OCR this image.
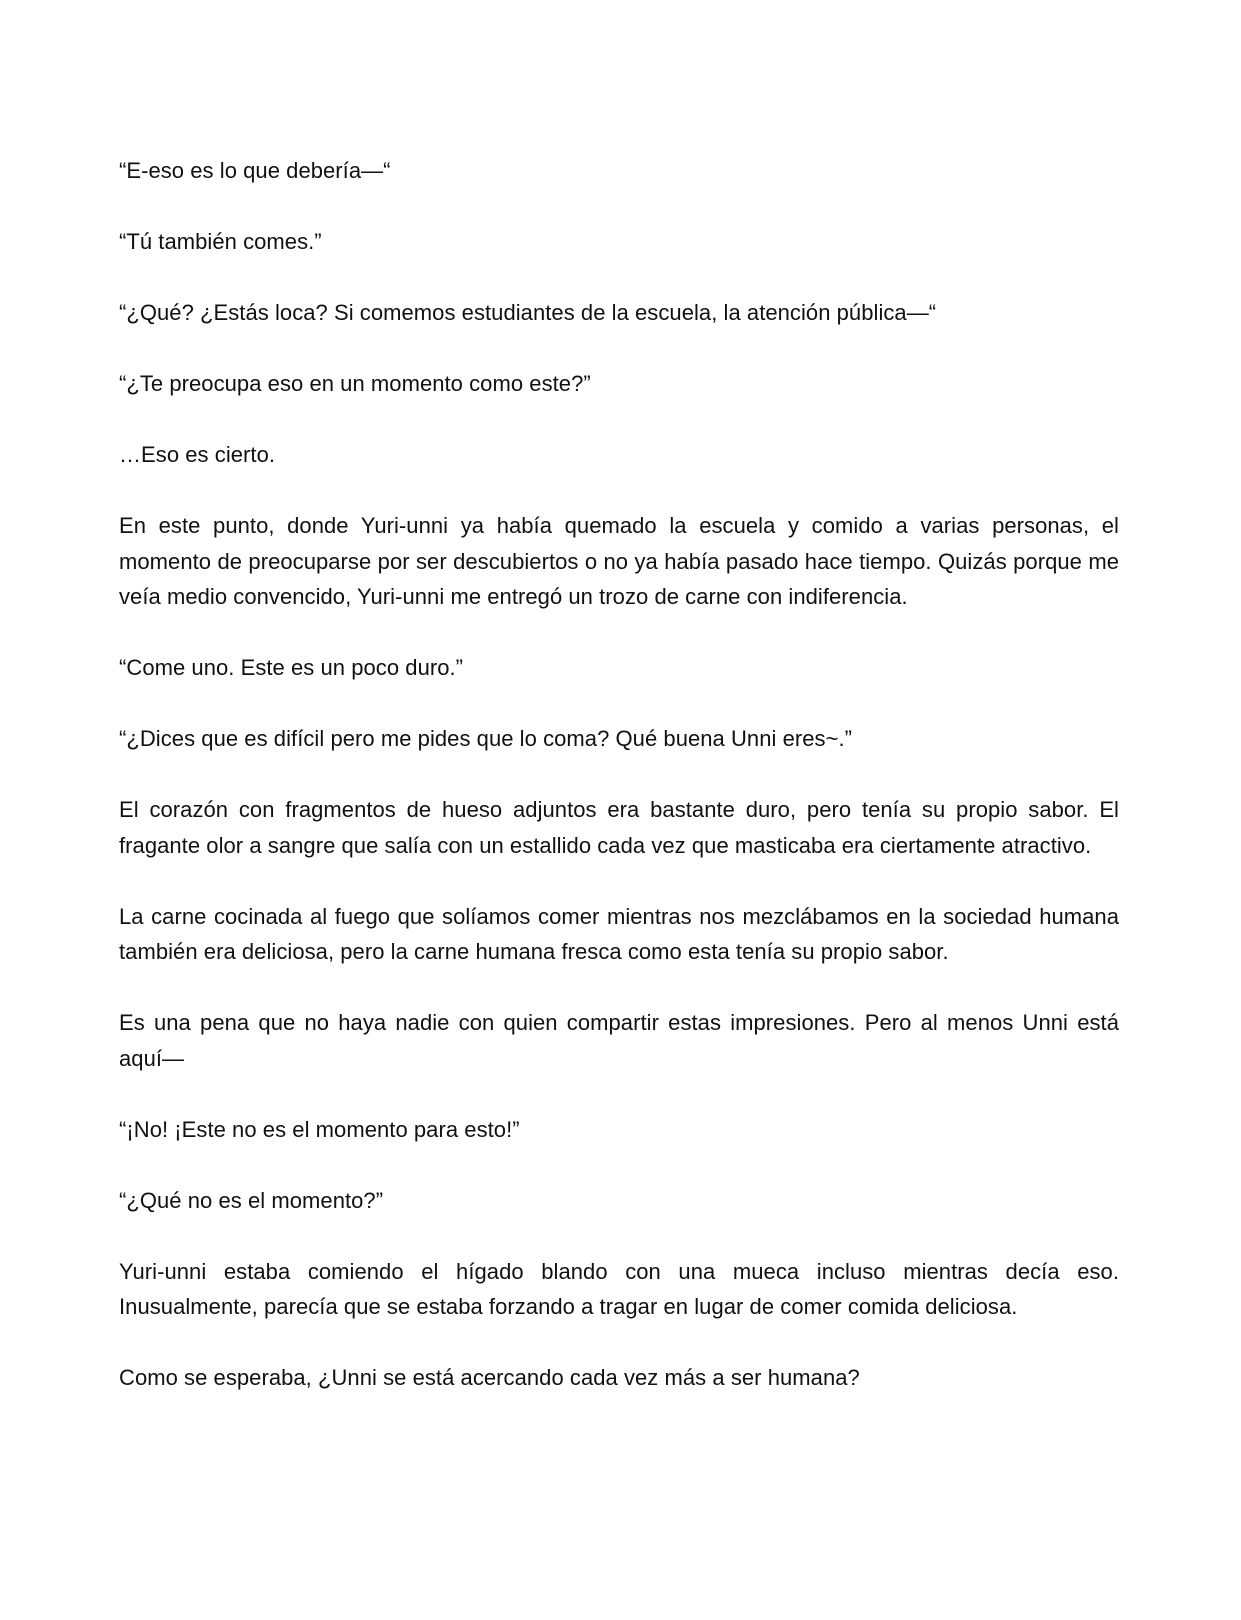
“E-eso es lo que debería—“

“Tú también comes.”

“¿Qué? ¿Estás loca? Si comemos estudiantes de la escuela, la atención pública—“

“¿Te preocupa eso en un momento como este?”

…Eso es cierto.

En este punto, donde Yuri-unni ya había quemado la escuela y comido a varias personas, el momento de preocuparse por ser descubiertos o no ya había pasado hace tiempo. Quizás porque me veía medio convencido, Yuri-unni me entregó un trozo de carne con indiferencia.

“Come uno. Este es un poco duro.”

“¿Dices que es difícil pero me pides que lo coma? Qué buena Unni eres~.”

El corazón con fragmentos de hueso adjuntos era bastante duro, pero tenía su propio sabor. El fragante olor a sangre que salía con un estallido cada vez que masticaba era ciertamente atractivo.

La carne cocinada al fuego que solíamos comer mientras nos mezclábamos en la sociedad humana también era deliciosa, pero la carne humana fresca como esta tenía su propio sabor.

Es una pena que no haya nadie con quien compartir estas impresiones. Pero al menos Unni está aquí—

“¡No! ¡Este no es el momento para esto!”

“¿Qué no es el momento?”

Yuri-unni estaba comiendo el hígado blando con una mueca incluso mientras decía eso. Inusualmente, parecía que se estaba forzando a tragar en lugar de comer comida deliciosa.

Como se esperaba, ¿Unni se está acercando cada vez más a ser humana?
